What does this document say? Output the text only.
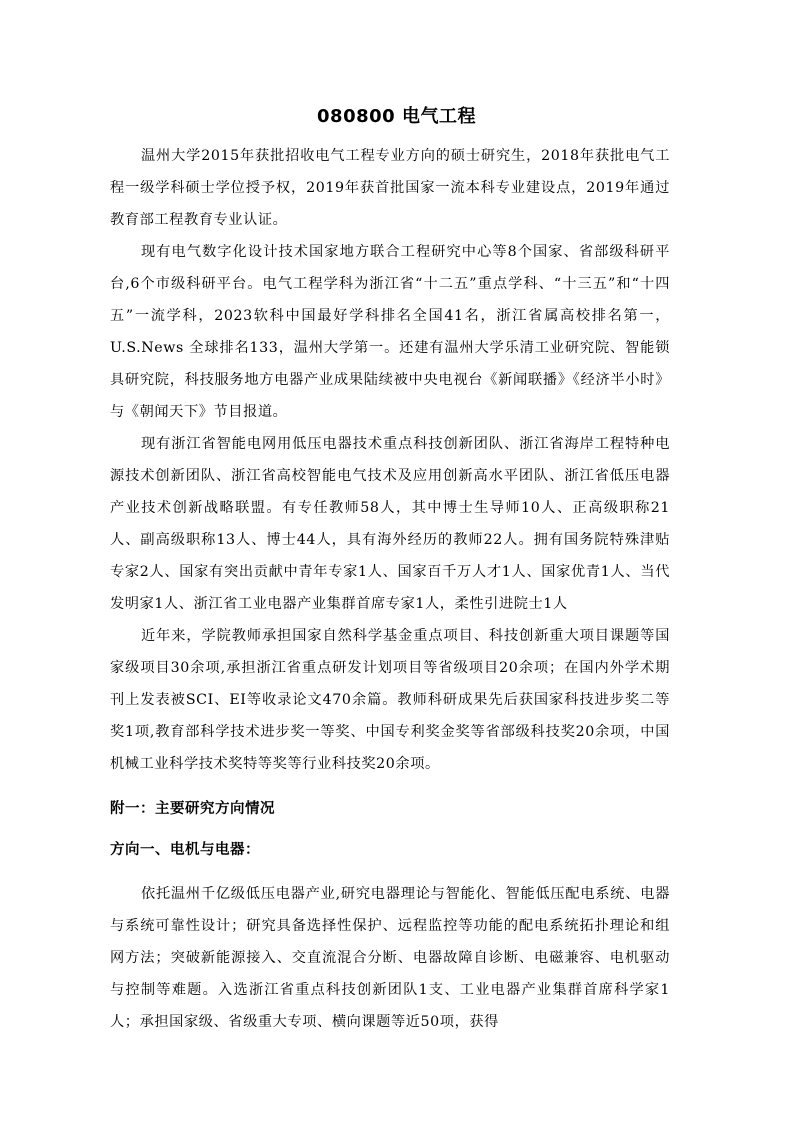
080800 电气工程

温州大学2015年获批招收电气工程专业方向的硕士研究生，2018年获批电气工程一级学科硕士学位授予权，2019年获首批国家一流本科专业建设点，2019年通过教育部工程教育专业认证。

现有电气数字化设计技术国家地方联合工程研究中心等8个国家、省部级科研平台,6个市级科研平台。电气工程学科为浙江省“十二五”重点学科、“十三五”和“十四五”一流学科，2023软科中国最好学科排名全国41名，浙江省属高校排名第一，U.S.News 全球排名133，温州大学第一。还建有温州大学乐清工业研究院、智能锁具研究院，科技服务地方电器产业成果陆续被中央电视台《新闻联播》《经济半小时》与《朝闻天下》节目报道。

现有浙江省智能电网用低压电器技术重点科技创新团队、浙江省海岸工程特种电源技术创新团队、浙江省高校智能电气技术及应用创新高水平团队、浙江省低压电器产业技术创新战略联盟。有专任教师58人，其中博士生导师10人、正高级职称21人、副高级职称13人、博士44人，具有海外经历的教师22人。拥有国务院特殊津贴专家2人、国家有突出贡献中青年专家1人、国家百千万人才1人、国家优青1人、当代发明家1人、浙江省工业电器产业集群首席专家1人，柔性引进院士1人

近年来，学院教师承担国家自然科学基金重点项目、科技创新重大项目课题等国家级项目30余项,承担浙江省重点研发计划项目等省级项目20余项；在国内外学术期刊上发表被SCI、EI等收录论文470余篇。教师科研成果先后获国家科技进步奖二等奖1项,教育部科学技术进步奖一等奖、中国专利奖金奖等省部级科技奖20余项，中国机械工业科学技术奖特等奖等行业科技奖20余项。

附一：主要研究方向情况
方向一、电机与电器：

依托温州千亿级低压电器产业,研究电器理论与智能化、智能低压配电系统、电器与系统可靠性设计；研究具备选择性保护、远程监控等功能的配电系统拓扑理论和组网方法；突破新能源接入、交直流混合分断、电器故障自诊断、电磁兼容、电机驱动与控制等难题。入选浙江省重点科技创新团队1支、工业电器产业集群首席科学家1人；承担国家级、省级重大专项、横向课题等近50项，获得
